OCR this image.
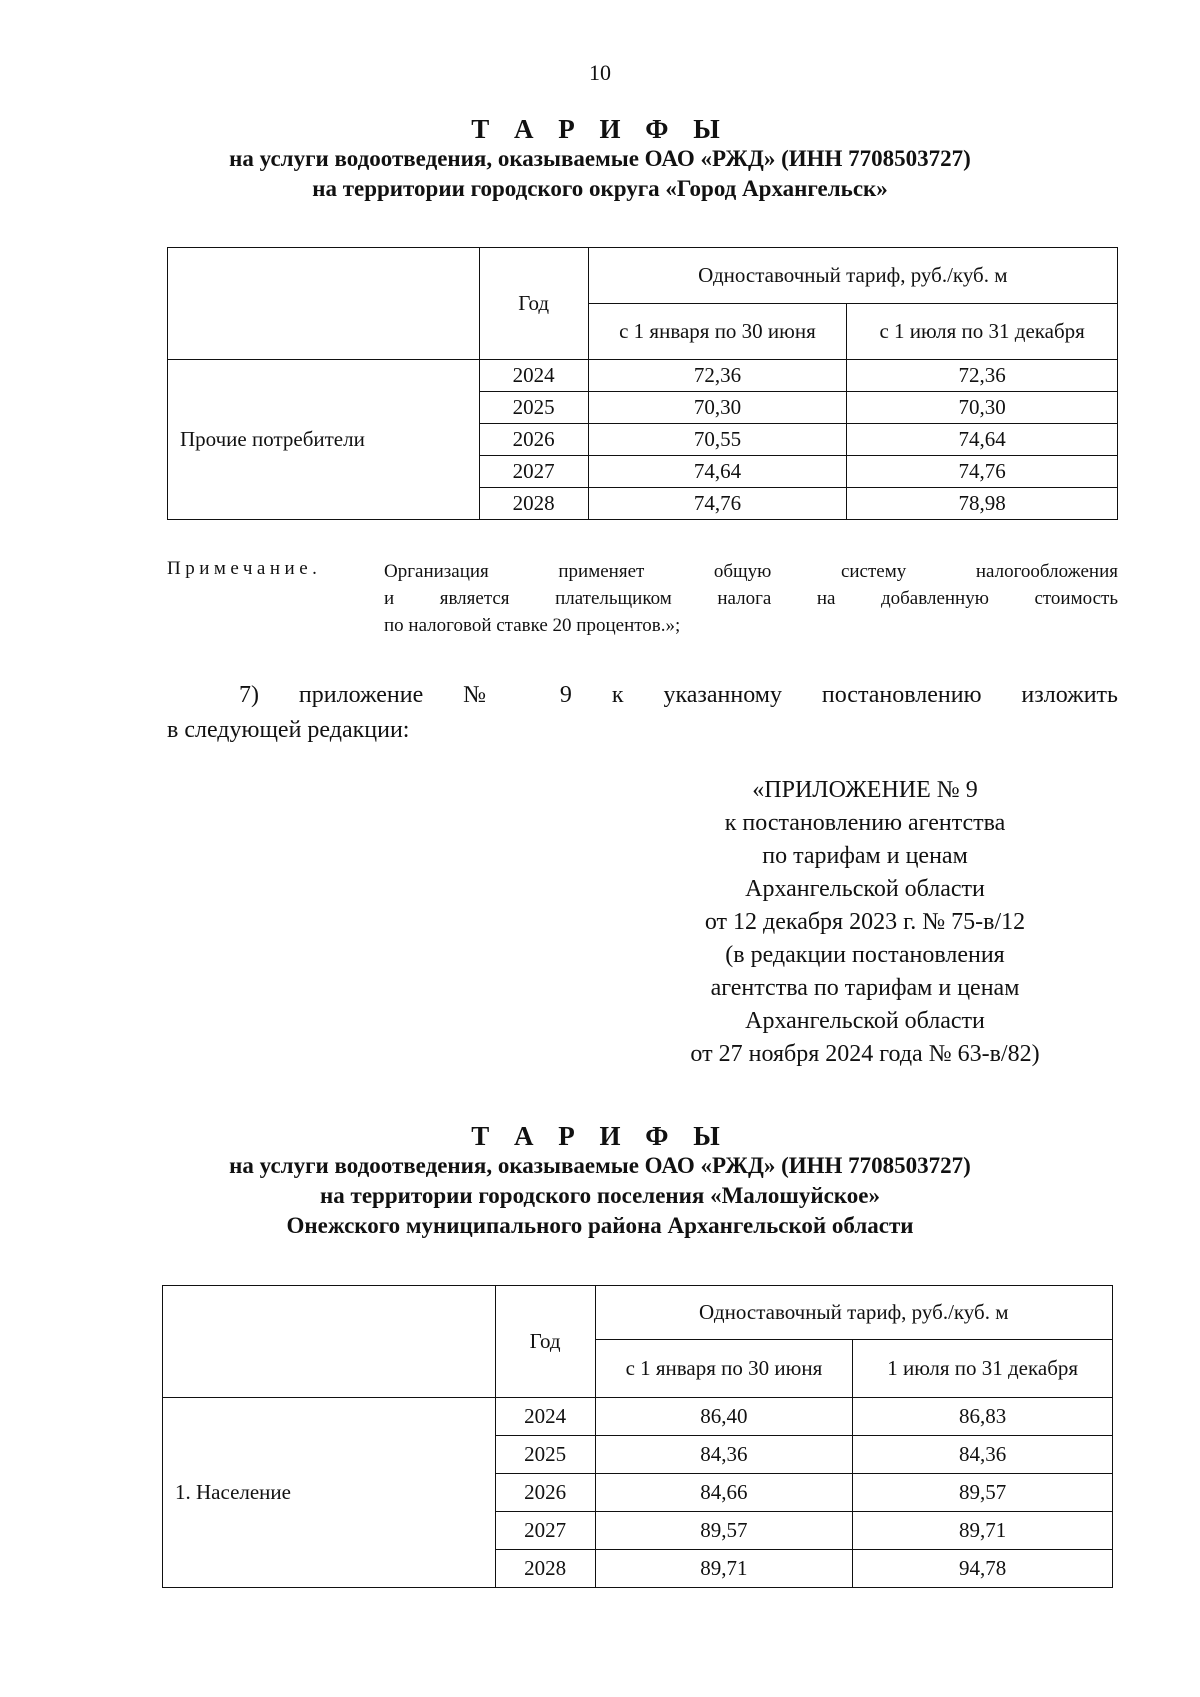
10
Т А Р И Ф Ы
на услуги водоотведения, оказываемые ОАО «РЖД» (ИНН 7708503727)
на территории городского округа «Город Архангельск»
	Год	Одноставочный тариф, руб./куб. м	
		с 1 января по 30 июня	с 1 июля по 31 декабря
Прочие потребители	2024	72,36	72,36
	2025	70,30	70,30
	2026	70,55	74,64
	2027	74,64	74,76
	2028	74,76	78,98
Примечание.	Организация применяет общую систему налогообложения
и является плательщиком налога на добавленную стоимость
по налоговой ставке 20 процентов.»;
7) приложение № 9 к указанному постановлению изложить
в следующей редакции:
«ПРИЛОЖЕНИЕ № 9
к постановлению агентства
по тарифам и ценам
Архангельской области
от 12 декабря 2023 г. № 75-в/12
(в редакции постановления
агентства по тарифам и ценам
Архангельской области
от 27 ноября 2024 года № 63-в/82)
Т А Р И Ф Ы
на услуги водоотведения, оказываемые ОАО «РЖД» (ИНН 7708503727)
на территории городского поселения «Малошуйское»
Онежского муниципального района Архангельской области
	Год	Одноставочный тариф, руб./куб. м	
		с 1 января по 30 июня	1 июля по 31 декабря
1. Население	2024	86,40	86,83
	2025	84,36	84,36
	2026	84,66	89,57
	2027	89,57	89,71
	2028	89,71	94,78
